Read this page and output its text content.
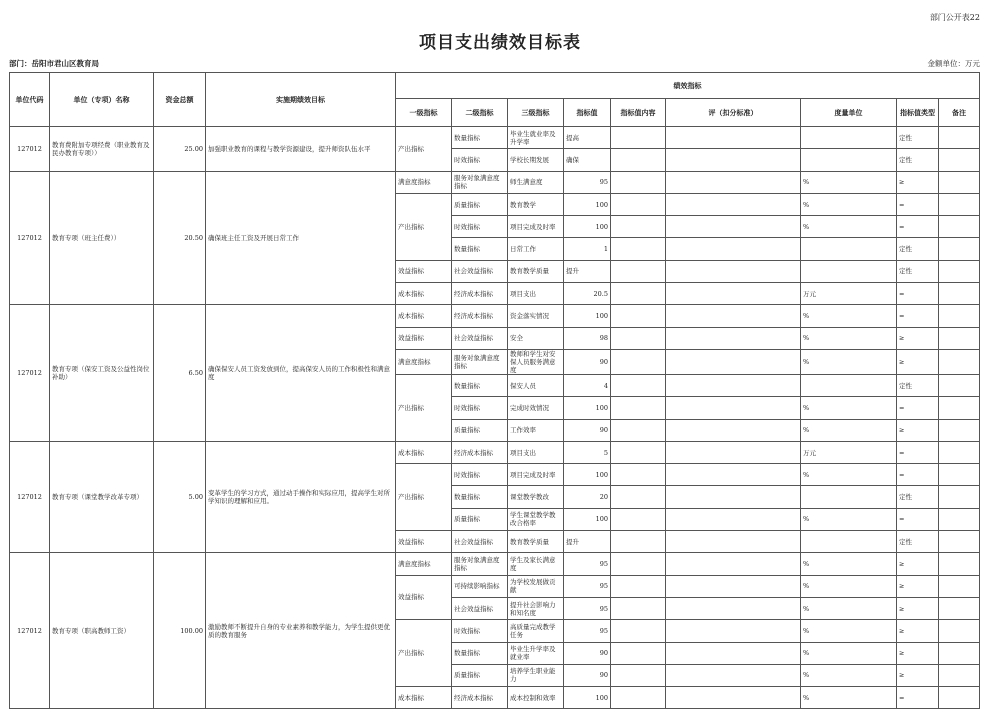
部门公开表22
项目支出绩效目标表
部门：岳阳市君山区教育局	金额单位：万元
单位代码	单位（专项）名称	资金总额	实施期绩效目标	绩效指标								
				一级指标	二级指标	三级指标	指标值	指标值内容	评（扣分标准）	度量单位	指标值类型	备注
127012	教育费附加专项经费（职业教育及民办教育专项））	25.00	加强职业教育的课程与教学资源建设，提升师资队伍水平	产出指标	数量指标	毕业生就业率及升学率	提高				定性	
					时效指标	学校长期发展	确保				定性	
127012	教育专项（班主任费））	20.50	确保班主任工资及开展日常工作	满意度指标	服务对象满意度指标	师生满意度	95			%	≥	
				产出指标	质量指标	教育教学	100			%	=	
					时效指标	项目完成及时率	100			%	=	
					数量指标	日常工作	1				定性	
				效益指标	社会效益指标	教育教学质量	提升				定性	
				成本指标	经济成本指标	项目支出	20.5			万元	=	
127012	教育专项（保安工资及公益性岗位补助）	6.50	确保保安人员工资发放到位，提高保安人员的工作积极性和满意度	成本指标	经济成本指标	资金落实情况	100			%	=	
				效益指标	社会效益指标	安全	98			%	≥	
				满意度指标	服务对象满意度指标	教师和学生对安保人员服务满意度	90			%	≥	
				产出指标	数量指标	保安人员	4				定性	
					时效指标	完成时效情况	100			%	=	
					质量指标	工作效率	90			%	≥	
127012	教育专项（课堂教学改革专项）	5.00	变革学生的学习方式，通过动手操作和实际应用，提高学生对所学知识的理解和应用。	成本指标	经济成本指标	项目支出	5			万元	=	
				产出指标	时效指标	项目完成及时率	100			%	=	
					数量指标	课堂教学教改	20				定性	
					质量指标	学生课堂教学教改合格率	100			%	=	
				效益指标	社会效益指标	教育教学质量	提升				定性	
127012	教育专项（职高教师工资）	100.00	激励教师不断提升自身的专业素养和教学能力，为学生提供更优质的教育服务	满意度指标	服务对象满意度指标	学生及家长满意度	95			%	≥	
				效益指标	可持续影响指标	为学校发展做贡献	95			%	≥	
					社会效益指标	提升社会影响力和知名度	95			%	≥	
				产出指标	时效指标	高质量完成教学任务	95			%	≥	
					数量指标	毕业生升学率及就业率	90			%	≥	
					质量指标	培养学生职业能力	90			%	≥	
				成本指标	经济成本指标	成本控制和效率	100			%	=	
